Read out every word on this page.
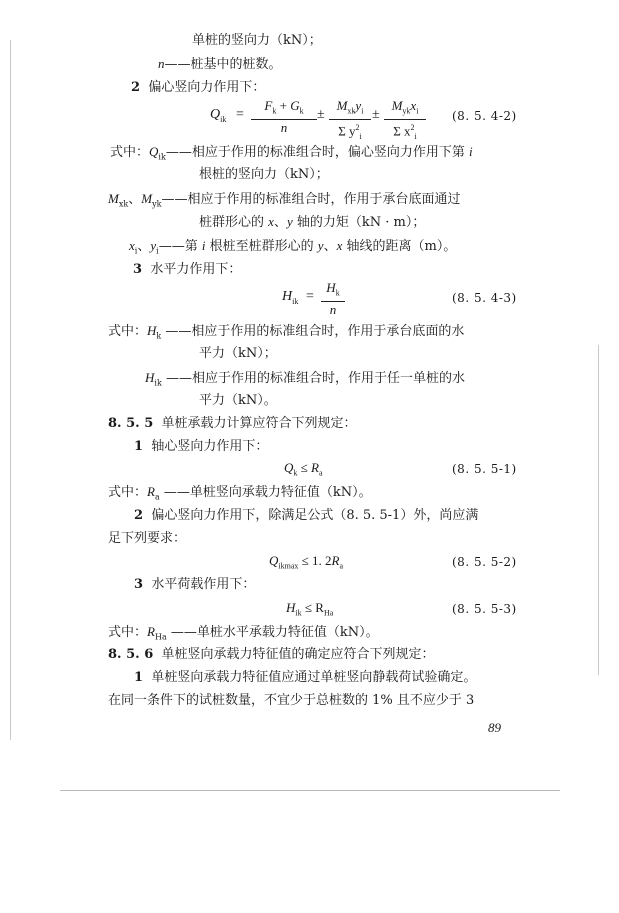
单桩的竖向力（kN）；
n——桩基中的桩数。
2 偏心竖向力作用下：
$Q_{ik} = \frac{F_k + G_k}{n}$ ±
$M_{xk}y_i$
Σ $y^2_i$
±
$M_{yk}x_i$
Σ $x^2_i$
(8. 5. 4-2)
式中：$Q_{ik}——$相应于作用的标准组合时，偏心竖向力作用下第 i
根桩的竖向力（kN）；
$M_{xk}$、$M_{yk}——$相应于作用的标准组合时，作用于承台底面通过
桩群形心的 x、y 轴的力矩（kN · m）；
$x_i$、$y_i——$第 i 根桩至桩群形心的 y、x 轴线的距离（m）。
3 水平力作用下：
$H_{ik} = \frac{H_k}{n}$	(8. 5. 4-3)
式中：$H_k$ ——相应于作用的标准组合时，作用于承台底面的水
平力（kN）；
$H_{ik}$ ——相应于作用的标准组合时，作用于任一单桩的水
平力（kN）。
8. 5. 5 单桩承载力计算应符合下列规定：
1 轴心竖向力作用下：
$Q_k \le R_a$	(8. 5. 5-1)
式中：$R_a$ ——单桩竖向承载力特征值（kN）。
2 偏心竖向力作用下，除满足公式（8. 5. 5-1）外，尚应满
足下列要求：
$Q_{ikmax} \le 1$. $2R_a$	(8. 5. 5-2)
3 水平荷载作用下：
$H_{ik} \le R_{Ha}$	(8. 5. 5-3)
式中：$R_{Ha}$ ——单桩水平承载力特征值（kN）。
8. 5. 6 单桩竖向承载力特征值的确定应符合下列规定：
1 单桩竖向承载力特征值应通过单桩竖向静载荷试验确定。
在同一条件下的试桩数量，不宜少于总桩数的 1% 且不应少于 3
89
